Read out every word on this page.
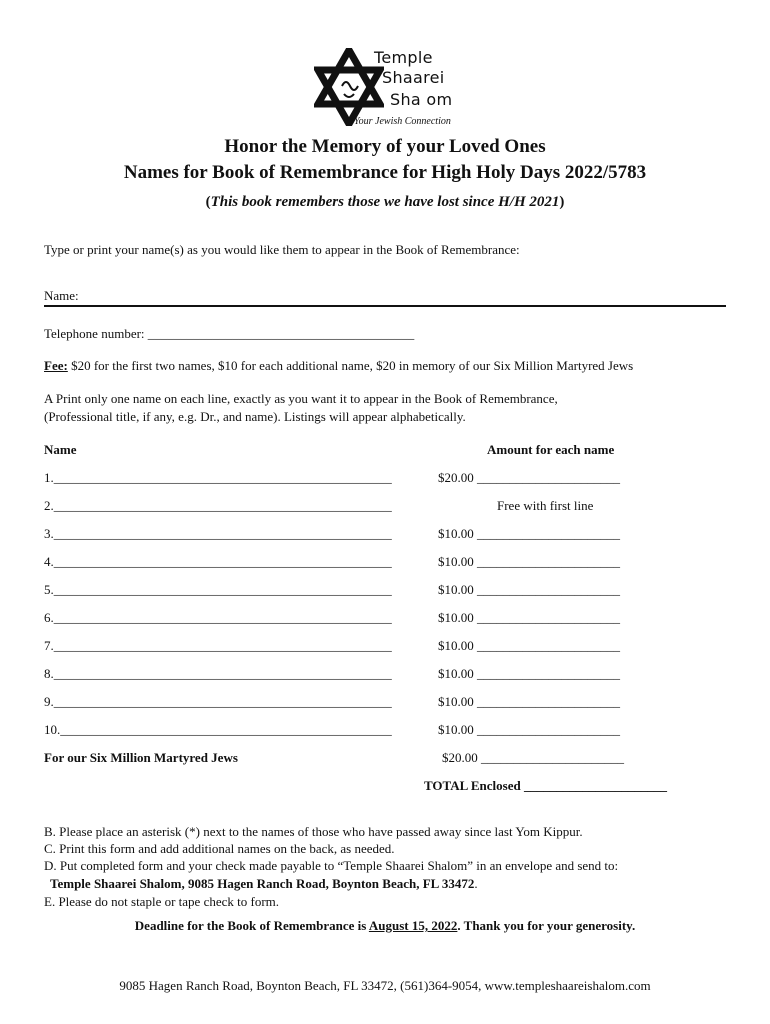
Temple
Shaarei
Sha om
Your Jewish Connection
Honor the Memory of your Loved Ones
Names for Book of Remembrance for High Holy Days 2022/5783
(This book remembers those we have lost since H/H 2021)
Type or print your name(s) as you would like them to appear in the Book of Remembrance:
Name:
Telephone number: _________________________________________
Fee: $20 for the first two names, $10 for each additional name, $20 in memory of our Six Million Martyred Jews
A Print only one name on each line, exactly as you want it to appear in the Book of Remembrance,
(Professional title, if any, e.g. Dr., and name). Listings will appear alphabetically.
Name	Amount for each name
1.____________________________________________________	$20.00 ______________________
2.____________________________________________________	Free with first line
3.____________________________________________________	$10.00 ______________________
4.____________________________________________________	$10.00 ______________________
5.____________________________________________________	$10.00 ______________________
6.____________________________________________________	$10.00 ______________________
7.____________________________________________________	$10.00 ______________________
8.____________________________________________________	$10.00 ______________________
9.____________________________________________________	$10.00 ______________________
10.___________________________________________________	$10.00 ______________________
For our Six Million Martyred Jews	$20.00 ______________________
TOTAL Enclosed ______________________
B. Please place an asterisk (*) next to the names of those who have passed away since last Yom Kippur.
C. Print this form and add additional names on the back, as needed.
D. Put completed form and your check made payable to “Temple Shaarei Shalom” in an envelope and send to:
Temple Shaarei Shalom, 9085 Hagen Ranch Road, Boynton Beach, FL 33472.
E. Please do not staple or tape check to form.
Deadline for the Book of Remembrance is August 15, 2022. Thank you for your generosity.
9085 Hagen Ranch Road, Boynton Beach, FL 33472, (561)364-9054, www.templeshaareishalom.com
